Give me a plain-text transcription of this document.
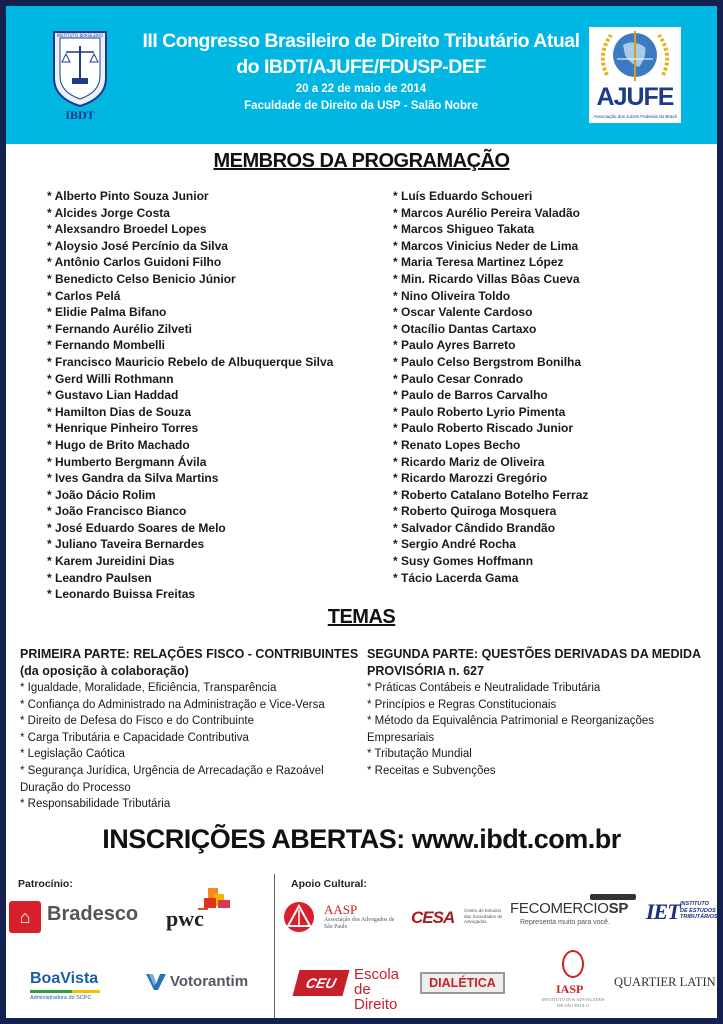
INSTITUTO BRASILEIRO
IBDT
III Congresso Brasileiro de Direito Tributário Atual
do IBDT/AJUFE/FDUSP-DEF
20 a 22 de maio de 2014
Faculdade de Direito da USP - Salão Nobre	AJUFE
Associação dos Juízes Federais do Brasil
MEMBROS DA PROGRAMAÇÃO
* Alberto Pinto Souza Junior
* Alcides Jorge Costa
* Alexsandro Broedel Lopes
* Aloysio José Percínio da Silva
* Antônio Carlos Guidoni Filho
* Benedicto Celso Benicio Júnior
* Carlos Pelá
* Elidie Palma Bifano
* Fernando Aurélio Zilveti
* Fernando Mombelli
* Francisco Mauricio Rebelo de Albuquerque Silva
* Gerd Willi Rothmann
* Gustavo Lian Haddad
* Hamilton Dias de Souza
* Henrique Pinheiro Torres
* Hugo de Brito Machado
* Humberto Bergmann Ávila
* Ives Gandra da Silva Martins
* João Dácio Rolim
* João Francisco Bianco
* José Eduardo Soares de Melo
* Juliano Taveira Bernardes
* Karem Jureidini Dias
* Leandro Paulsen
* Leonardo Buissa Freitas
* Luís Eduardo Schoueri
* Marcos Aurélio Pereira Valadão
* Marcos Shigueo Takata
* Marcos Vinicius Neder de Lima
* Maria Teresa Martinez López
* Min. Ricardo Villas Bôas Cueva
* Nino Oliveira Toldo
* Oscar Valente Cardoso
* Otacílio Dantas Cartaxo
* Paulo Ayres Barreto
* Paulo Celso Bergstrom Bonilha
* Paulo Cesar Conrado
* Paulo de Barros Carvalho
* Paulo Roberto Lyrio Pimenta
* Paulo Roberto Riscado Junior
* Renato Lopes Becho
* Ricardo Mariz de Oliveira
* Ricardo Marozzi Gregório
* Roberto Catalano Botelho Ferraz
* Roberto Quiroga Mosquera
* Salvador Cândido Brandão
* Sergio André Rocha
* Susy Gomes Hoffmann
* Tácio Lacerda Gama
TEMAS
PRIMEIRA PARTE: RELAÇÕES FISCO - CONTRIBUINTES
(da oposição à colaboração)
* Igualdade, Moralidade, Eficiência, Transparência
* Confiança do Administrado na Administração e Vice-Versa
* Direito de Defesa do Fisco e do Contribuinte
* Carga Tributária e Capacidade Contributiva
* Legislação Caótica
* Segurança Jurídica, Urgência de Arrecadação e Razoável Duração do Processo
* Responsabilidade Tributária
SEGUNDA PARTE: QUESTÕES DERIVADAS DA MEDIDA
PROVISÓRIA n. 627
* Práticas Contábeis e Neutralidade Tributária
* Princípios e Regras Constitucionais
* Método da Equivalência Patrimonial e Reorganizações Empresariais
* Tributação Mundial
* Receitas e Subvenções
INSCRIÇÕES ABERTAS: www.ibdt.com.br
Patrocínio:
⌂ Bradesco pwc
BoaVista
Administradora do SCPC
Votorantim
Apoio Cultural:
AASP
Associação dos Advogados de São Paulo	CESA Centro de Estudos das Sociedades de Advogados
FECOMERCIOSP
Representa muito para você. IET INSTITUTO DE ESTUDOS TRIBUTÁRIOS
CEU	Escola de Direito
DIALÉTICA	IASP
INSTITUTO DOS ADVOGADOS DE SÃO PAULO
QUARTIER LATIN
